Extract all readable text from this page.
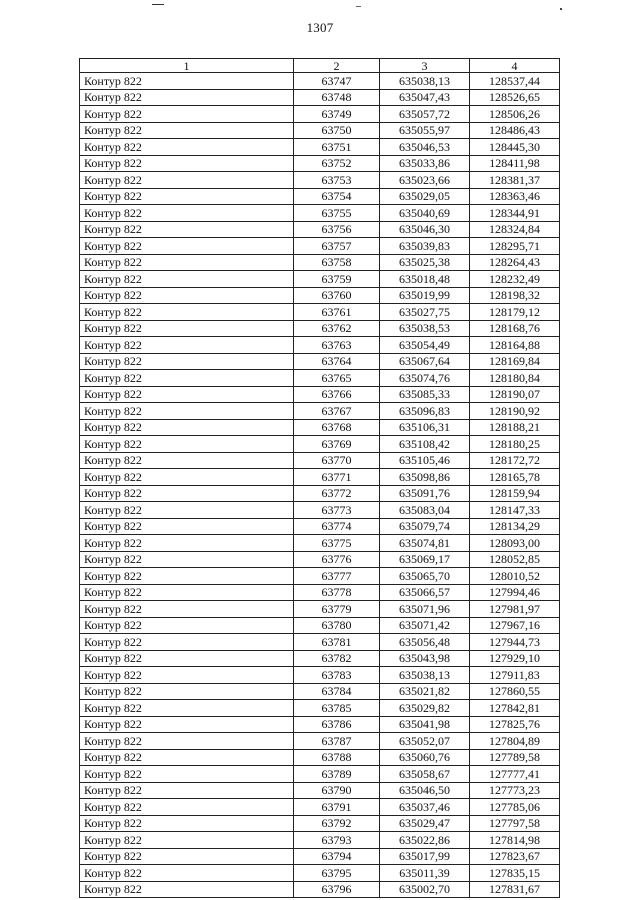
1307
1	2	3	4
Контур 822	63747	635038,13	128537,44
Контур 822	63748	635047,43	128526,65
Контур 822	63749	635057,72	128506,26
Контур 822	63750	635055,97	128486,43
Контур 822	63751	635046,53	128445,30
Контур 822	63752	635033,86	128411,98
Контур 822	63753	635023,66	128381,37
Контур 822	63754	635029,05	128363,46
Контур 822	63755	635040,69	128344,91
Контур 822	63756	635046,30	128324,84
Контур 822	63757	635039,83	128295,71
Контур 822	63758	635025,38	128264,43
Контур 822	63759	635018,48	128232,49
Контур 822	63760	635019,99	128198,32
Контур 822	63761	635027,75	128179,12
Контур 822	63762	635038,53	128168,76
Контур 822	63763	635054,49	128164,88
Контур 822	63764	635067,64	128169,84
Контур 822	63765	635074,76	128180,84
Контур 822	63766	635085,33	128190,07
Контур 822	63767	635096,83	128190,92
Контур 822	63768	635106,31	128188,21
Контур 822	63769	635108,42	128180,25
Контур 822	63770	635105,46	128172,72
Контур 822	63771	635098,86	128165,78
Контур 822	63772	635091,76	128159,94
Контур 822	63773	635083,04	128147,33
Контур 822	63774	635079,74	128134,29
Контур 822	63775	635074,81	128093,00
Контур 822	63776	635069,17	128052,85
Контур 822	63777	635065,70	128010,52
Контур 822	63778	635066,57	127994,46
Контур 822	63779	635071,96	127981,97
Контур 822	63780	635071,42	127967,16
Контур 822	63781	635056,48	127944,73
Контур 822	63782	635043,98	127929,10
Контур 822	63783	635038,13	127911,83
Контур 822	63784	635021,82	127860,55
Контур 822	63785	635029,82	127842,81
Контур 822	63786	635041,98	127825,76
Контур 822	63787	635052,07	127804,89
Контур 822	63788	635060,76	127789,58
Контур 822	63789	635058,67	127777,41
Контур 822	63790	635046,50	127773,23
Контур 822	63791	635037,46	127785,06
Контур 822	63792	635029,47	127797,58
Контур 822	63793	635022,86	127814,98
Контур 822	63794	635017,99	127823,67
Контур 822	63795	635011,39	127835,15
Контур 822	63796	635002,70	127831,67
